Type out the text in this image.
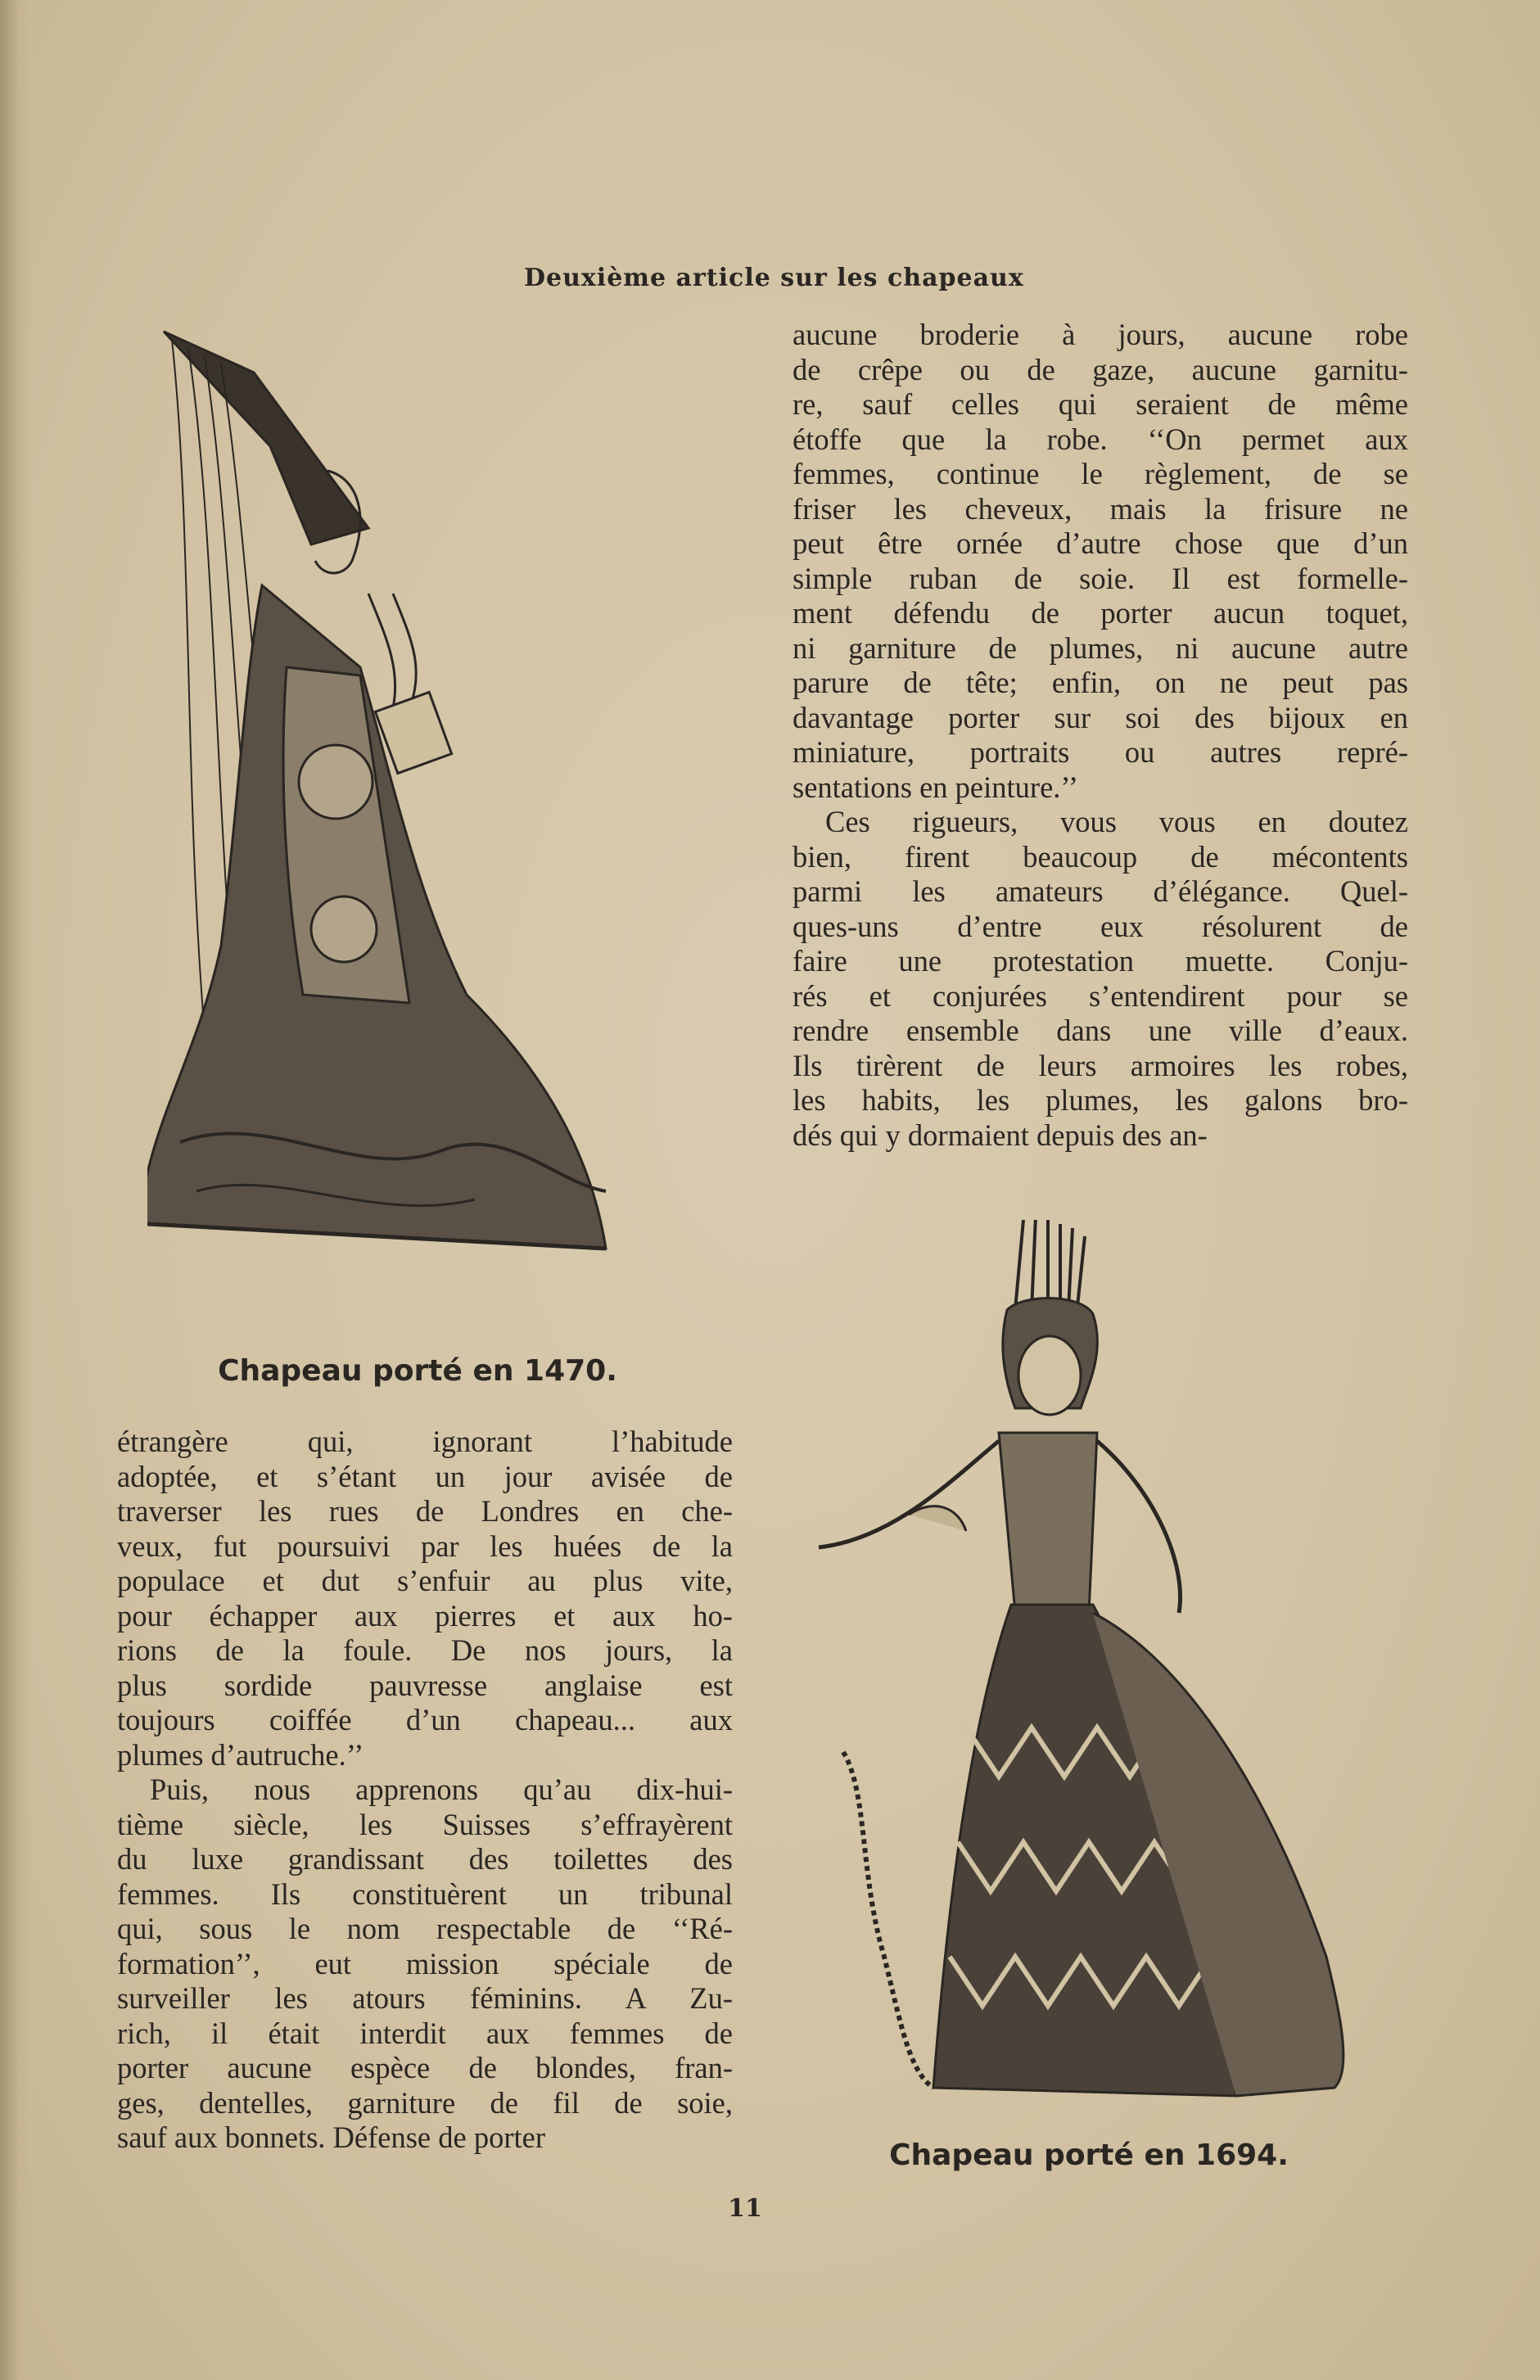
Deuxième article sur les chapeaux
Chapeau porté en 1470.
Chapeau porté en 1694.
aucune broderie à jours, aucune robe
de crêpe ou de gaze, aucune garnitu-
re, sauf celles qui seraient de même
étoffe que la robe. ‘‘On permet aux
femmes, continue le règlement, de se
friser les cheveux, mais la frisure ne
peut être ornée d’autre chose que d’un
simple ruban de soie. Il est formelle-
ment défendu de porter aucun toquet,
ni garniture de plumes, ni aucune autre
parure de tête; enfin, on ne peut pas
davantage porter sur soi des bijoux en
miniature, portraits ou autres repré-
sentations en peinture.’’
Ces rigueurs, vous vous en doutez
bien, firent beaucoup de mécontents
parmi les amateurs d’élégance. Quel-
ques-uns d’entre eux résolurent de
faire une protestation muette. Conju-
rés et conjurées s’entendirent pour se
rendre ensemble dans une ville d’eaux.
Ils tirèrent de leurs armoires les robes,
les habits, les plumes, les galons bro-
dés qui y dormaient depuis des an-
étrangère qui, ignorant l’habitude
adoptée, et s’étant un jour avisée de
traverser les rues de Londres en che-
veux, fut poursuivi par les huées de la
populace et dut s’enfuir au plus vite,
pour échapper aux pierres et aux ho-
rions de la foule. De nos jours, la
plus sordide pauvresse anglaise est
toujours coiffée d’un chapeau... aux
plumes d’autruche.’’
Puis, nous apprenons qu’au dix-hui-
tième siècle, les Suisses s’effrayèrent
du luxe grandissant des toilettes des
femmes. Ils constituèrent un tribunal
qui, sous le nom respectable de ‘‘Ré-
formation’’, eut mission spéciale de
surveiller les atours féminins. A Zu-
rich, il était interdit aux femmes de
porter aucune espèce de blondes, fran-
ges, dentelles, garniture de fil de soie,
sauf aux bonnets. Défense de porter
11
